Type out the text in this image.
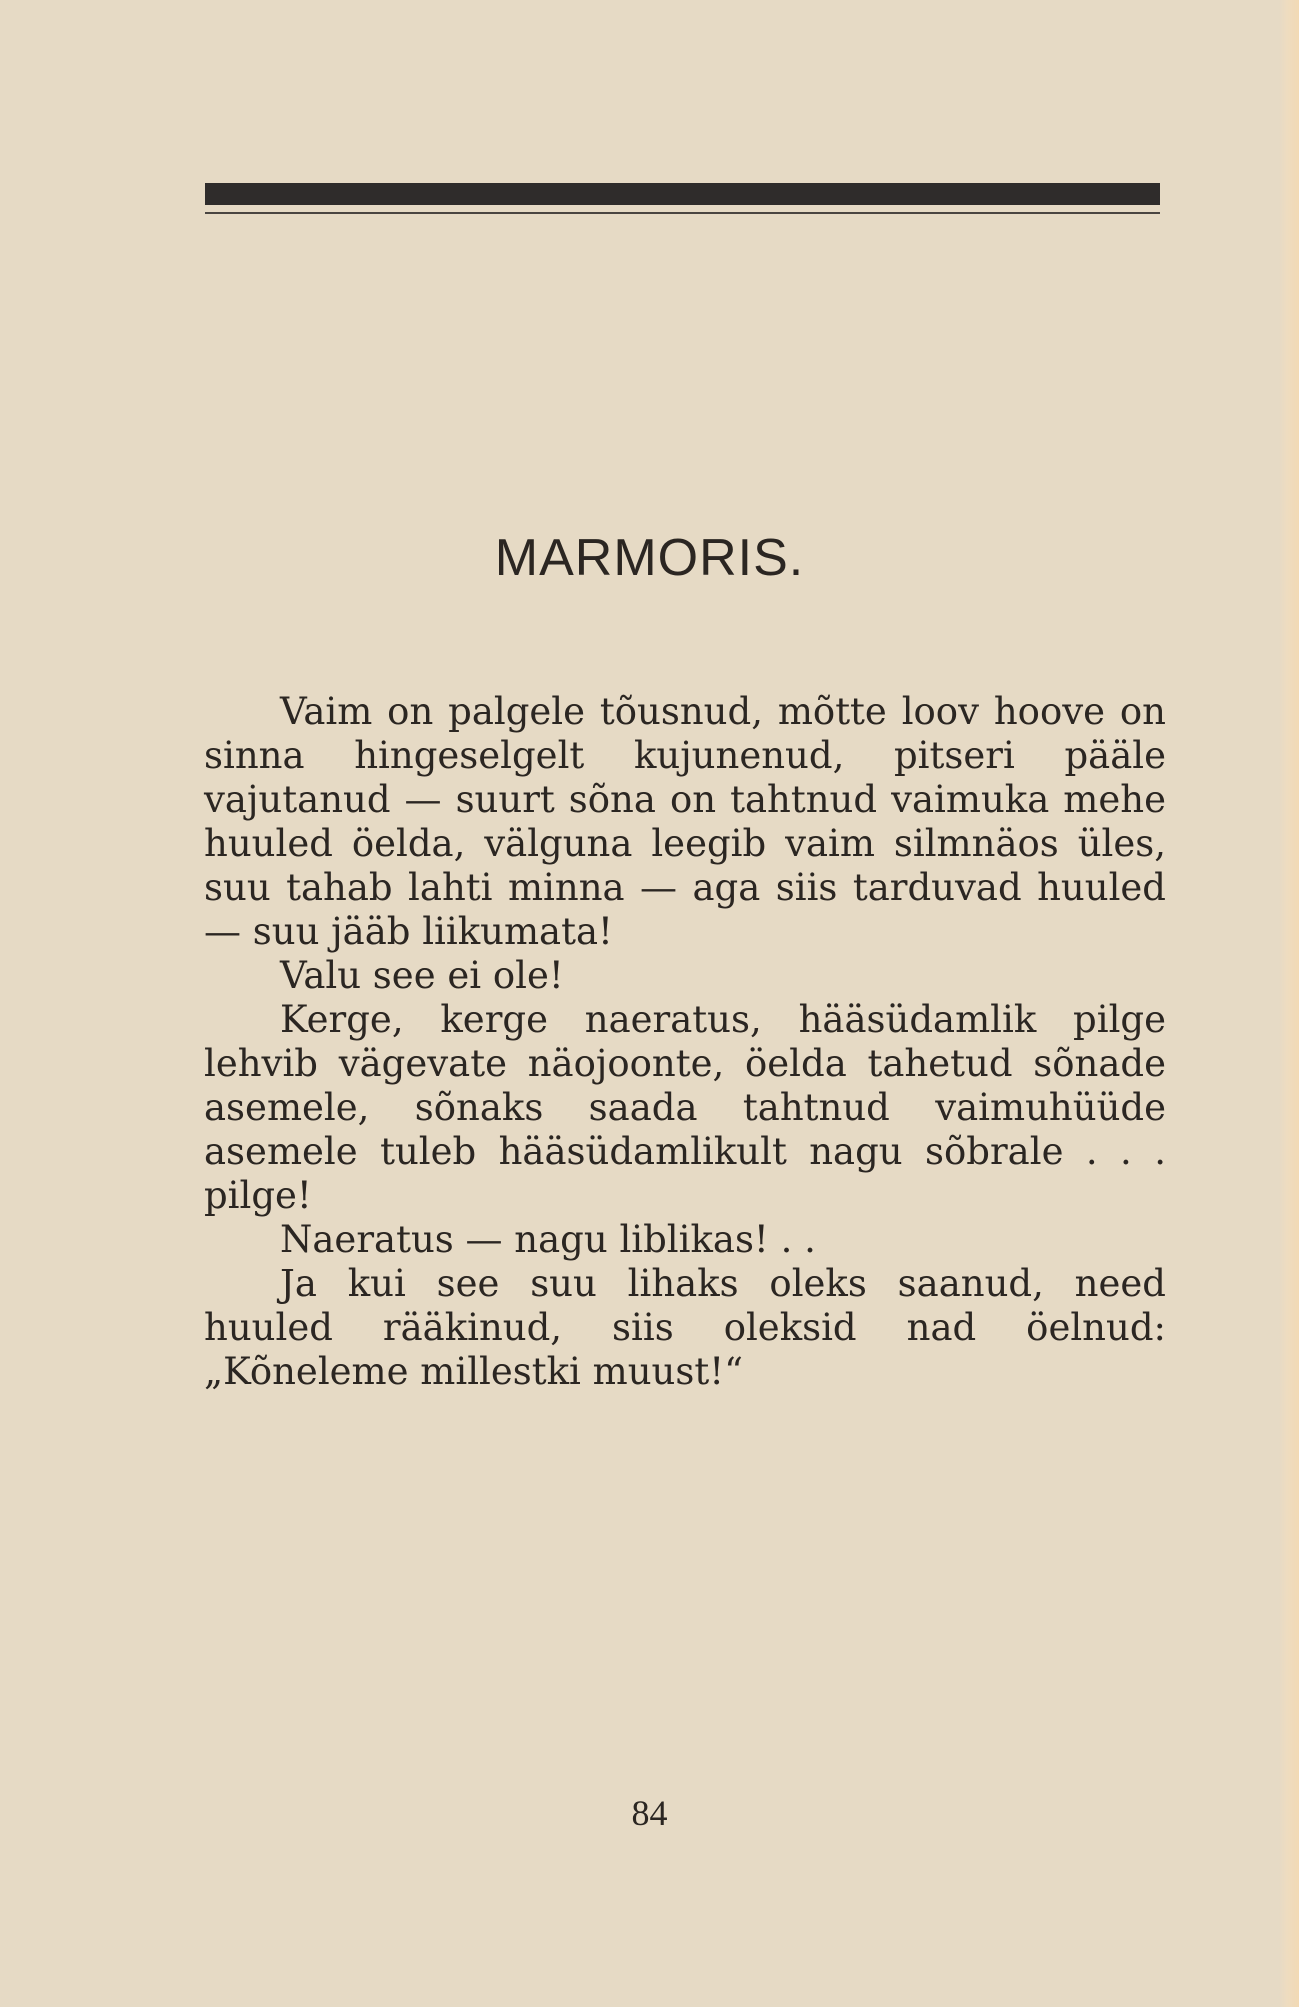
MARMORIS.

Vaim on palgele tõusnud, mõtte loov hoove on sinna hingeselgelt kujunenud, pitseri pääle vajutanud — suurt sõna on tahtnud vaimuka mehe huuled öelda, välguna leegib vaim silmnäos üles, suu tahab lahti minna — aga siis tarduvad huuled — suu jääb liikumata!

Valu see ei ole!

Kerge, kerge naeratus, hääsüdamlik pilge lehvib vägevate näojoonte, öelda tahetud sõnade asemele, sõnaks saada tahtnud vaimuhüüde asemele tuleb hääsüdamlikult nagu sõbrale . . . pilge!

Naeratus — nagu liblikas! . .

Ja kui see suu lihaks oleks saanud, need huuled rääkinud, siis oleksid nad öelnud: „Kõneleme millestki muust!“

84
